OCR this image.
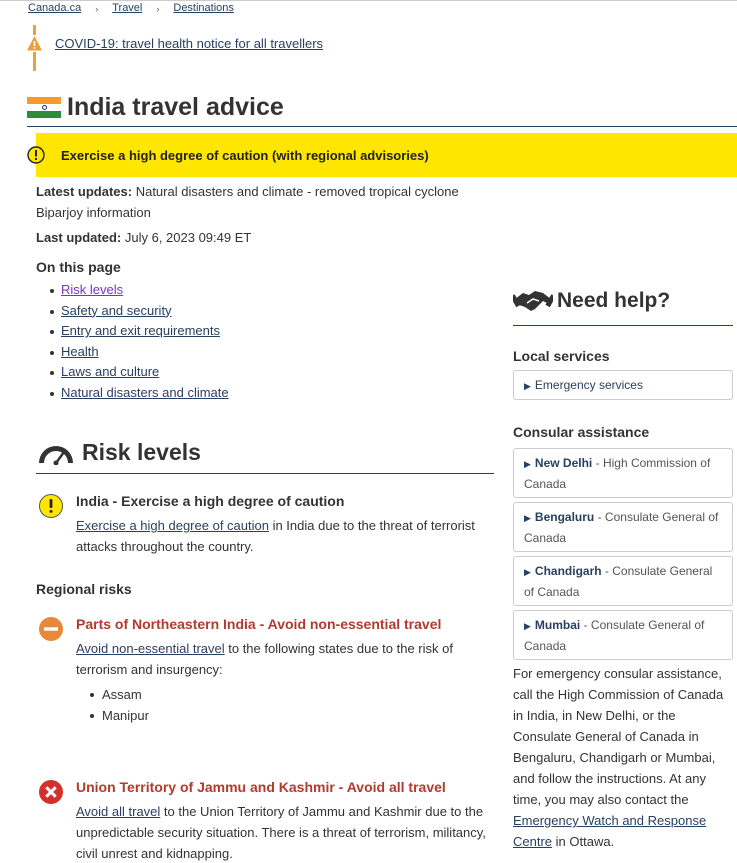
Canada.ca › Travel › Destinations
COVID-19: travel health notice for all travellers
India travel advice
Exercise a high degree of caution (with regional advisories)

Latest updates: Natural disasters and climate - removed tropical cyclone Biparjoy information

Last updated: July 6, 2023 09:49 ET

On this page
Risk levels
Safety and security
Entry and exit requirements
Health
Laws and culture
Natural disasters and climate
Risk levels
India - Exercise a high degree of caution
Exercise a high degree of caution in India due to the threat of terrorist attacks throughout the country.
Regional risks
Parts of Northeastern India - Avoid non-essential travel
Avoid non-essential travel to the following states due to the risk of terrorism and insurgency:
Assam
Manipur
Union Territory of Jammu and Kashmir - Avoid all travel
Avoid all travel to the Union Territory of Jammu and Kashmir due to the unpredictable security situation. There is a threat of terrorism, militancy, civil unrest and kidnapping.
Need help?
Local services
▶ Emergency services
Consular assistance
▶ New Delhi - High Commission of Canada
▶ Bengaluru - Consulate General of Canada
▶ Chandigarh - Consulate General of Canada
▶ Mumbai - Consulate General of Canada

For emergency consular assistance, call the High Commission of Canada in India, in New Delhi, or the Consulate General of Canada in Bengaluru, Chandigarh or Mumbai, and follow the instructions. At any time, you may also contact the Emergency Watch and Response Centre in Ottawa.
